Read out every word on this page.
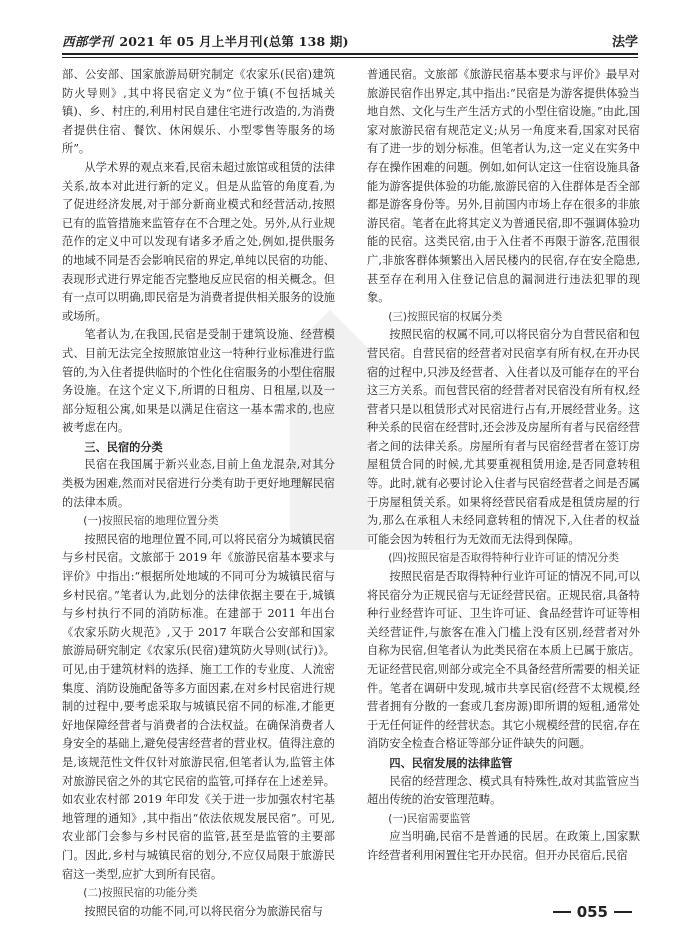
西部学刊 2021 年 05 月上半月刊(总第 138 期)	法学

部、公安部、国家旅游局研究制定《农家乐(民宿)建筑防火导则》,其中将民宿定义为“位于镇(不包括城关镇)、乡、村庄的,利用村民自建住宅进行改造的,为消费者提供住宿、餐饮、休闲娱乐、小型零售等服务的场所”。

从学术界的观点来看,民宿未超过旅馆或租赁的法律关系,故本对此进行新的定义。但是从监管的角度看,为了促进经济发展,对于部分新商业模式和经营活动,按照已有的监管措施来监管存在不合理之处。另外,从行业规范作的定义中可以发现有诸多矛盾之处,例如,提供服务的地域不同是否会影响民宿的界定,单纯以民宿的功能、表现形式进行界定能否完整地反应民宿的相关概念。但有一点可以明确,即民宿是为消费者提供相关服务的设施或场所。

笔者认为,在我国,民宿是受制于建筑设施、经营模式、目前无法完全按照旅馆业这一特种行业标准进行监管的,为入住者提供临时的个性化住宿服务的小型住宿服务设施。在这个定义下,所谓的日租房、日租屋,以及一部分短租公寓,如果是以满足住宿这一基本需求的,也应被考虑在内。

三、民宿的分类

民宿在我国属于新兴业态,目前上鱼龙混杂,对其分类极为困难,然而对民宿进行分类有助于更好地理解民宿的法律本质。

(一)按照民宿的地理位置分类

按照民宿的地理位置不同,可以将民宿分为城镇民宿与乡村民宿。文旅部于 2019 年《旅游民宿基本要求与评价》中指出:“根据所处地域的不同可分为城镇民宿与乡村民宿。”笔者认为,此划分的法律依据主要在于,城镇与乡村执行不同的消防标准。在建部于 2011 年出台《农家乐防火规范》,又于 2017 年联合公安部和国家旅游局研究制定《农家乐(民宿)建筑防火导则(试行)》。可见,由于建筑材料的选择、施工工作的专业度、人流密集度、消防设施配备等多方面因素,在对乡村民宿进行规制的过程中,要考虑采取与城镇民宿不同的标准,才能更好地保障经营者与消费者的合法权益。在确保消费者人身安全的基础上,避免侵害经营者的营业权。值得注意的是,该规范性文件仅针对旅游民宿,但笔者认为,监管主体对旅游民宿之外的其它民宿的监管,可择存在上述差异。如农业农村部 2019 年印发《关于进一步加强农村宅基地管理的通知》,其中指出“依法依规发展民宿”。可见,农业部门会参与乡村民宿的监管,甚至是监管的主要部门。因此,乡村与城镇民宿的划分,不应仅局限于旅游民宿这一类型,应扩大到所有民宿。

(二)按照民宿的功能分类

按照民宿的功能不同,可以将民宿分为旅游民宿与

普通民宿。文旅部《旅游民宿基本要求与评价》最早对旅游民宿作出界定,其中指出:“民宿是为游客提供体验当地自然、文化与生产生活方式的小型住宿设施。”由此,国家对旅游民宿有规范定义;从另一角度来看,国家对民宿有了进一步的划分标准。但笔者认为,这一定义在实务中存在操作困难的问题。例如,如何认定这一住宿设施具备能为游客提供体验的功能,旅游民宿的入住群体是否全部都是游客身份等。另外,目前国内市场上存在很多的非旅游民宿。笔者在此将其定义为普通民宿,即不强调体验功能的民宿。这类民宿,由于入住者不再限于游客,范围很广,非旅客群体频繁出入居民楼内的民宿,存在安全隐患,甚至存在利用入住登记信息的漏洞进行违法犯罪的现象。

(三)按照民宿的权属分类

按照民宿的权属不同,可以将民宿分为自营民宿和包营民宿。自营民宿的经营者对民宿享有所有权,在开办民宿的过程中,只涉及经营者、入住者以及可能存在的平台这三方关系。而包营民宿的经营者对民宿没有所有权,经营者只是以租赁形式对民宿进行占有,开展经营业务。这种关系的民宿在经营时,还会涉及房屋所有者与民宿经营者之间的法律关系。房屋所有者与民宿经营者在签订房屋租赁合同的时候,尤其要重视租赁用途,是否同意转租等。此时,就有必要讨论入住者与民宿经营者之间是否属于房屋租赁关系。如果将经营民宿看成是租赁房屋的行为,那么在承租人未经同意转租的情况下,入住者的权益可能会因为转租行为无效而无法得到保障。

(四)按照民宿是否取得特种行业许可证的情况分类

按照民宿是否取得特种行业许可证的情况不同,可以将民宿分为正规民宿与无证经营民宿。正规民宿,具备特种行业经营许可证、卫生许可证、食品经营许可证等相关经营证件,与旅客在准入门槛上没有区别,经营者对外自称为民宿,但笔者认为此类民宿在本质上已属于旅店。无证经营民宿,则部分或完全不具备经营所需要的相关证件。笔者在调研中发现,城市共享民宿(经营不太规模,经营者拥有分散的一套或几套房源)即所谓的短租,通常处于无任何证件的经营状态。其它小规模经营的民宿,存在消防安全检查合格证等部分证件缺失的问题。

四、民宿发展的法律监管

民宿的经营理念、模式具有特殊性,故对其监管应当超出传统的治安管理范畴。

(一)民宿需要监管

应当明确,民宿不是普通的民居。在政策上,国家默许经营者利用闲置住宅开办民宿。但开办民宿后,民宿

055
